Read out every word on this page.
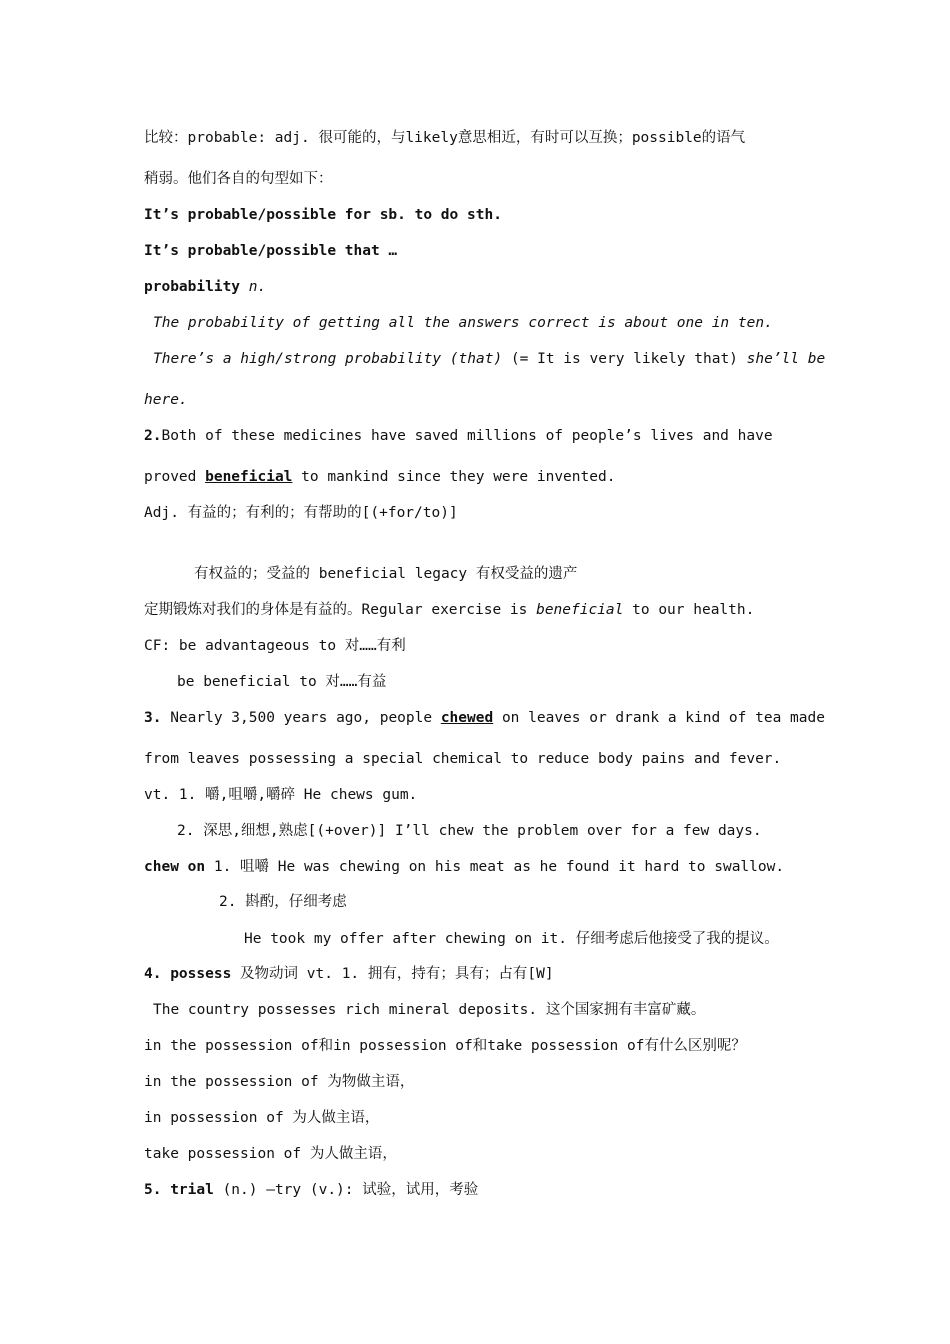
比较：probable: adj. 很可能的，与likely意思相近，有时可以互换；possible的语气
稍弱。他们各自的句型如下：
It’s probable/possible for sb. to do sth.
It’s probable/possible that …
probability n.
The probability of getting all the answers correct is about one in ten.
There’s a high/strong probability (that) (= It is very likely that) she’ll be
here.
2.Both of these medicines have saved millions of people’s lives and have
proved beneficial to mankind since they were invented.
Adj. 有益的；有利的；有帮助的[(+for/to)]
有权益的；受益的 beneficial legacy 有权受益的遗产
定期锻炼对我们的身体是有益的。Regular exercise is beneficial to our health.
CF: be advantageous to 对……有利
be beneficial to 对……有益
3. Nearly 3,500 years ago, people chewed on leaves or drank a kind of tea made
from leaves possessing a special chemical to reduce body pains and fever.
vt. 1. 嚼,咀嚼,嚼碎 He chews gum.
2. 深思,细想,熟虑[(+over)] I’ll chew the problem over for a few days.
chew on 1. 咀嚼 He was chewing on his meat as he found it hard to swallow.
2. 斟酌，仔细考虑
He took my offer after chewing on it. 仔细考虑后他接受了我的提议。
4. possess 及物动词 vt. 1. 拥有，持有；具有；占有[W]
The country possesses rich mineral deposits. 这个国家拥有丰富矿藏。
in the possession of和in possession of和take possession of有什么区别呢？
in the possession of 为物做主语，
in possession of 为人做主语，
take possession of 为人做主语，
5. trial (n.) —try (v.): 试验，试用，考验
